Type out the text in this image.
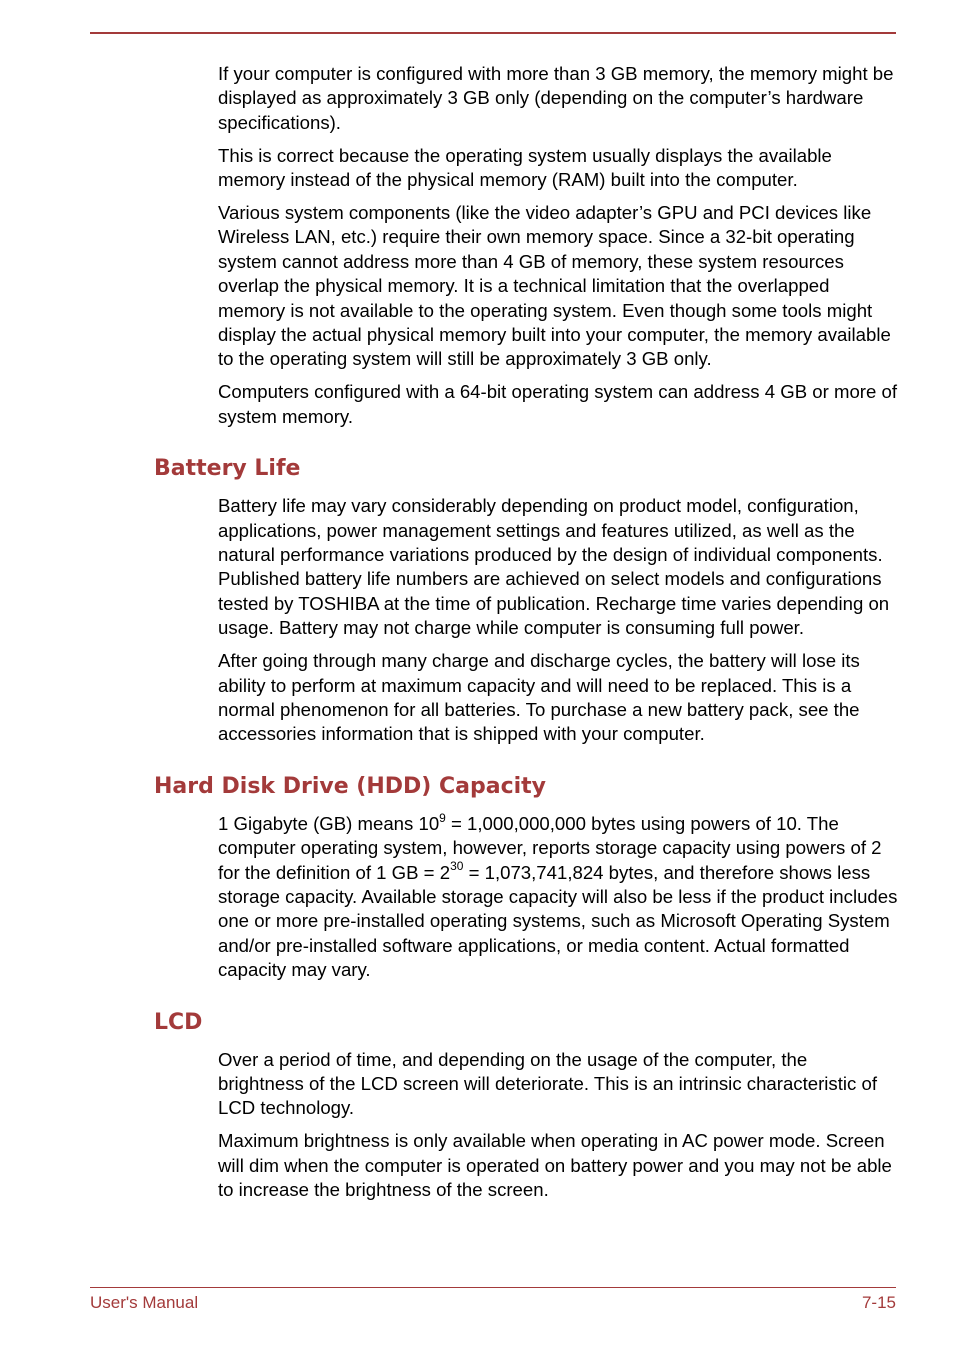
If your computer is configured with more than 3 GB memory, the memory might be displayed as approximately 3 GB only (depending on the computer’s hardware specifications).

This is correct because the operating system usually displays the available memory instead of the physical memory (RAM) built into the computer.

Various system components (like the video adapter’s GPU and PCI devices like Wireless LAN, etc.) require their own memory space. Since a 32-bit operating system cannot address more than 4 GB of memory, these system resources overlap the physical memory. It is a technical limitation that the overlapped memory is not available to the operating system. Even though some tools might display the actual physical memory built into your computer, the memory available to the operating system will still be approximately 3 GB only.

Computers configured with a 64-bit operating system can address 4 GB or more of system memory.

Battery Life

Battery life may vary considerably depending on product model, configuration, applications, power management settings and features utilized, as well as the natural performance variations produced by the design of individual components. Published battery life numbers are achieved on select models and configurations tested by TOSHIBA at the time of publication. Recharge time varies depending on usage. Battery may not charge while computer is consuming full power.

After going through many charge and discharge cycles, the battery will lose its ability to perform at maximum capacity and will need to be replaced. This is a normal phenomenon for all batteries. To purchase a new battery pack, see the accessories information that is shipped with your computer.

Hard Disk Drive (HDD) Capacity

1 Gigabyte (GB) means $10^9 = 1,000,000,000$ bytes using powers of 10. The computer operating system, however, reports storage capacity using powers of 2 for the definition of 1 GB = $2^{30} = 1,073,741,824$ bytes, and therefore shows less storage capacity. Available storage capacity will also be less if the product includes one or more pre-installed operating systems, such as Microsoft Operating System and/or pre-installed software applications, or media content. Actual formatted capacity may vary.

LCD

Over a period of time, and depending on the usage of the computer, the brightness of the LCD screen will deteriorate. This is an intrinsic characteristic of LCD technology.

Maximum brightness is only available when operating in AC power mode. Screen will dim when the computer is operated on battery power and you may not be able to increase the brightness of the screen.

User's Manual	7-15
